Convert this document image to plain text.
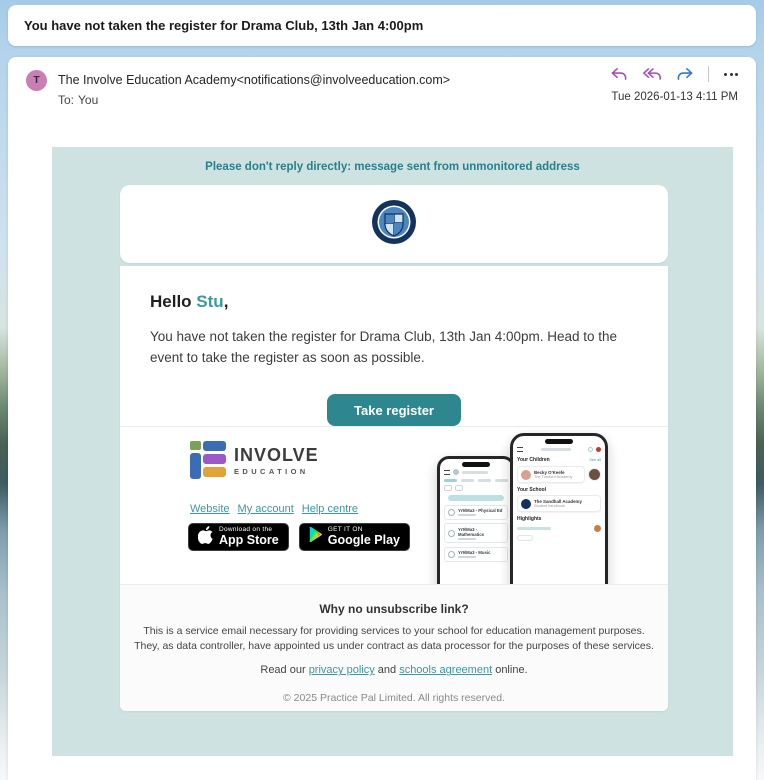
You have not taken the register for Drama Club, 13th Jan 4:00pm
T The Involve Education Academy<notifications@involveeducation.com>
To: You	Tue 2026-01-13 4:11 PM
Please don't reply directly: message sent from unmonitored address
Hello Stu,
You have not taken the register for Drama Club, 13th Jan 4:00pm. Head to the event to take the register as soon as possible.
Take register
INVOLVE
EDUCATION
Website My account Help centre
Download on the
App Store
GET IT ON
Google Play
Yr9/Ma3 - Physical Ed
Yr9/Ma3 - Mathematics
Yr9/Ma3 - Music
Your Children	See all
Becky O'Keefe
The Turnford Academy
Your School
The Sandhall Academy
Student handbook
Highlights
Why no unsubscribe link?
This is a service email necessary for providing services to your school for education management purposes.
They, as data controller, have appointed us under contract as data processor for the purposes of these services.
Read our privacy policy and schools agreement online.
© 2025 Practice Pal Limited. All rights reserved.
